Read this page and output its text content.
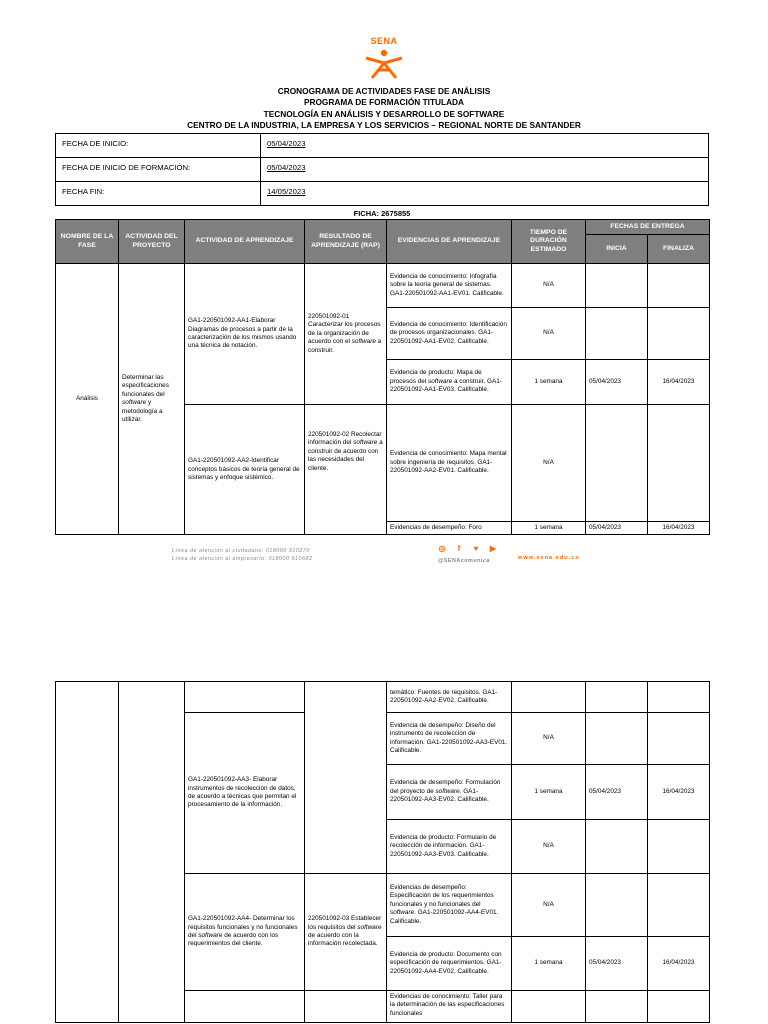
SENA
CRONOGRAMA DE ACTIVIDADES FASE DE ANÁLISIS
PROGRAMA DE FORMACIÓN TITULADA
TECNOLOGÍA EN ANÁLISIS Y DESARROLLO DE SOFTWARE
CENTRO DE LA INDUSTRIA, LA EMPRESA Y LOS SERVICIOS – REGIONAL NORTE DE SANTANDER
FECHA DE INICIO:	05/04/2023
FECHA DE INICIO DE FORMACIÓN:	05/04/2023
FECHA FIN:	14/05/2023
FICHA: 2675855
NOMBRE DE LA FASE	ACTIVIDAD DEL PROYECTO	ACTIVIDAD DE APRENDIZAJE	RESULTADO DE APRENDIZAJE (RAP)	EVIDENCIAS DE APRENDIZAJE	TIEMPO DE DURACIÓN ESTIMADO	FECHAS DE ENTREGA	
						INICIA	FINALIZA
Análisis	Determinar las especificaciones funcionales del software y metodología a utilizar.	GA1-220501092-AA1-Elaborar Diagramas de procesos a partir de la caracterización de los mismos usando una técnica de notación.	220501092-01 Caracterizar los procesos de la organización de acuerdo con el software a construir.	Evidencia de conocimiento: Infografía sobre la teoría general de sistemas. GA1-220501092-AA1-EV01. Calificable.	N/A		
				Evidencia de conocimiento: Identificación de procesos organizacionales. GA1-220501092-AA1-EV02. Calificable.	N/A		
				Evidencia de producto: Mapa de procesos del software a construir. GA1-220501092-AA1-EV03. Calificable.	1 semana	05/04/2023	16/04/2023
		GA1-220501092-AA2-Identificar conceptos básicos de teoría general de sistemas y enfoque sistémico.	220501092-02 Recolectar información del software a construir de acuerdo con las necesidades del cliente.	Evidencia de conocimiento: Mapa mental sobre ingeniería de requisitos. GA1-220501092-AA2-EV01. Calificable.	N/A		
				Evidencias de desempeño: Foro	1 semana	05/04/2023	16/04/2023
Línea de atención al ciudadano: 018000 910270
Línea de atención al empresario: 018000 910682
◎	f	♥ ▶
@SENAcomunica	www.sena.edu.co
				temático: Fuentes de requisitos. GA1-220501092-AA2-EV02. Calificable.			
		GA1-220501092-AA3- Elaborar instrumentos de recolección de datos, de acuerdo a técnicas que permitan el procesamiento de la información.		Evidencia de desempeño: Diseño del instrumento de recolección de información. GA1-220501092-AA3-EV01. Calificable.	N/A		
				Evidencia de desempeño: Formulación del proyecto de software. GA1-220501092-AA3-EV02. Calificable.	1 semana	05/04/2023	16/04/2023
				Evidencia de producto: Formulario de recolección de información. GA1- 220501092-AA3-EV03. Calificable.	N/A		
		GA1-220501092-AA4- Determinar los requisitos funcionales y no funcionales del software de acuerdo con los requerimientos del cliente.	220501092-03 Establecer los requisitos del software de acuerdo con la información recolectada.	Evidencias de desempeño: Especificación de los requerimientos funcionales y no funcionales del software. GA1-220501092-AA4-EV01. Calificable.	N/A		
				Evidencia de producto: Documento con especificación de requerimientos. GA1-220501092-AA4-EV02. Calificable.	1 semana	05/04/2023	16/04/2023
				Evidencias de conocimiento: Taller para la determinación de las especificaciones funcionales			
